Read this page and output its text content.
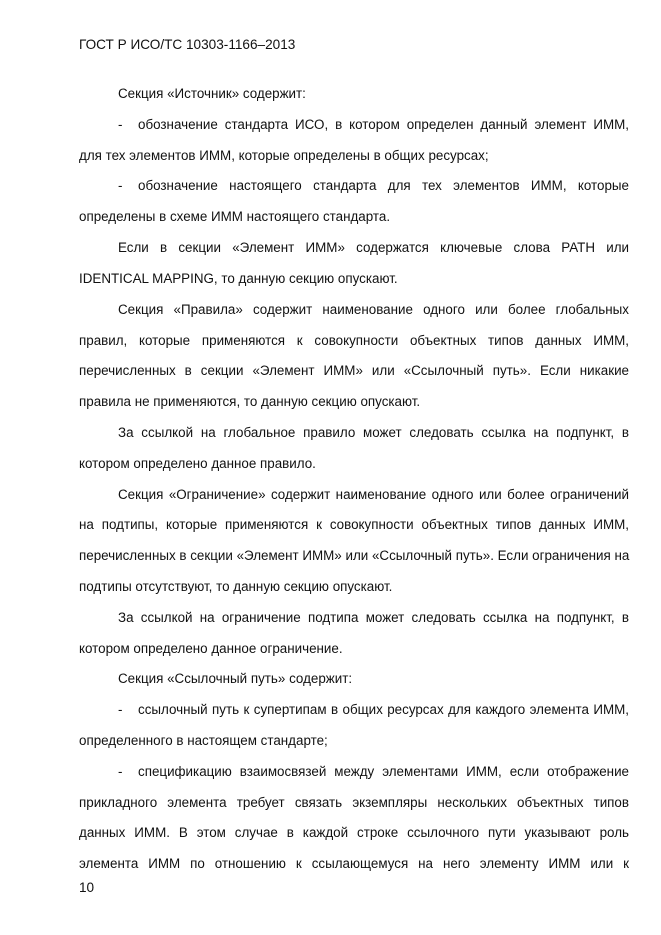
ГОСТ Р ИСО/ТС 10303-1166–2013
Секция «Источник» содержит:
-	обозначение стандарта ИСО, в котором определен данный элемент ИММ,
для тех элементов ИММ, которые определены в общих ресурсах;
-	обозначение настоящего стандарта для тех элементов ИММ, которые
определены в схеме ИММ настоящего стандарта.
Если в секции «Элемент ИММ» содержатся ключевые слова PATH или
IDENTICAL MAPPING, то данную секцию опускают.
Секция «Правила» содержит наименование одного или более глобальных
правил, которые применяются к совокупности объектных типов данных ИММ,
перечисленных в секции «Элемент ИММ» или «Ссылочный путь». Если никакие
правила не применяются, то данную секцию опускают.
За ссылкой на глобальное правило может следовать ссылка на подпункт, в
котором определено данное правило.
Секция «Ограничение» содержит наименование одного или более ограничений
на подтипы, которые применяются к совокупности объектных типов данных ИММ,
перечисленных в секции «Элемент ИММ» или «Ссылочный путь». Если ограничения на
подтипы отсутствуют, то данную секцию опускают.
За ссылкой на ограничение подтипа может следовать ссылка на подпункт, в
котором определено данное ограничение.
Секция «Ссылочный путь» содержит:
-	ссылочный путь к супертипам в общих ресурсах для каждого элемента ИММ,
определенного в настоящем стандарте;
-	спецификацию взаимосвязей между элементами ИММ, если отображение
прикладного элемента требует связать экземпляры нескольких объектных типов
данных ИММ. В этом случае в каждой строке ссылочного пути указывают роль
элемента ИММ по отношению к ссылающемуся на него элементу ИММ или к
10
